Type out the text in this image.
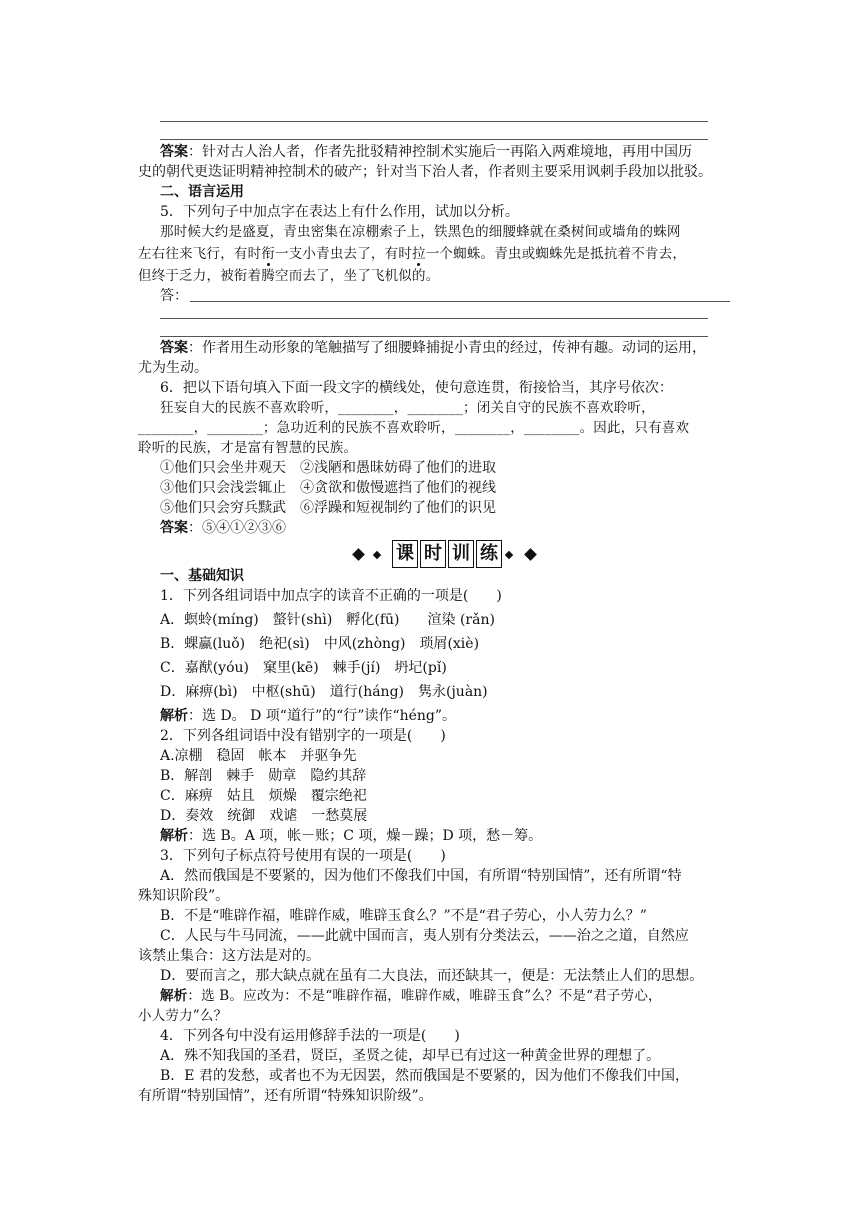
答案：针对古人治人者，作者先批驳精神控制术实施后一再陷入两难境地，再用中国历
史的朝代更迭证明精神控制术的破产；针对当下治人者，作者则主要采用讽刺手段加以批驳。
二、语言运用
5．下列句子中加点字在表达上有什么作用，试加以分析。
那时候大约是盛夏，青虫密集在凉棚索子上，铁黑色的细腰蜂就在桑树间或墙角的蛛网
左右往来飞行，有时衔一支小青虫去了，有时拉一个蜘蛛。青虫或蜘蛛先是抵抗着不肯去，
但终于乏力，被衔着腾空而去了，坐了飞机似的。
答：
答案：作者用生动形象的笔触描写了细腰蜂捕捉小青虫的经过，传神有趣。动词的运用，
尤为生动。
6．把以下语句填入下面一段文字的横线处，使句意连贯，衔接恰当，其序号依次：
狂妄自大的民族不喜欢聆听，________，________；闭关自守的民族不喜欢聆听，
________，________；急功近利的民族不喜欢聆听，________，________。因此，只有喜欢
聆听的民族，才是富有智慧的民族。
①他们只会坐井观天　②浅陋和愚昧妨碍了他们的进取
③他们只会浅尝辄止　④贪欲和傲慢遮挡了他们的视线
⑤他们只会穷兵黩武　⑥浮躁和短视制约了他们的识见
答案：⑤④①②③⑥
课 时 训 练
一、基础知识
1．下列各组词语中加点字的读音不正确的一项是(　　)
A．螟蛉(míng)　螫针(shì)　孵化(fū)　　渲染 (rǎn)
B．蜾蠃(luǒ)　绝祀(sì)　中风(zhòng)　琐屑(xiè)
C．嘉猷(yóu)　窠里(kē)　棘手(jí)　坍圮(pǐ)
D．麻痹(bì)　中枢(shū)　道行(háng)　隽永(juàn)
解析：选 D。 D 项“道行”的“行”读作“héng”。
2．下列各组词语中没有错别字的一项是(　　)
A.凉棚　稳固　帐本　并驱争先
B．解剖　棘手　勋章　隐约其辞
C．麻痹　姑且　烦燥　覆宗绝祀
D．奏效　统御　戏谑　一愁莫展
解析：选 B。A 项，帐－账；C 项，燥－躁；D 项，愁－筹。
3．下列句子标点符号使用有误的一项是(　　)
A．然而俄国是不要紧的，因为他们不像我们中国，有所谓“特别国情”，还有所谓“特
殊知识阶段”。
B．不是“唯辟作福，唯辟作威，唯辟玉食么？”不是“君子劳心，小人劳力么？”
C．人民与牛马同流，——此就中国而言，夷人别有分类法云，——治之之道，自然应
该禁止集合：这方法是对的。
D．要而言之，那大缺点就在虽有二大良法，而还缺其一，便是：无法禁止人们的思想。
解析：选 B。应改为：不是“唯辟作福，唯辟作威，唯辟玉食”么？不是“君子劳心，
小人劳力”么？
4．下列各句中没有运用修辞手法的一项是(　　)
A．殊不知我国的圣君，贤臣，圣贤之徒，却早已有过这一种黄金世界的理想了。
B．E 君的发愁，或者也不为无因罢，然而俄国是不要紧的，因为他们不像我们中国，
有所谓“特别国情”，还有所谓“特殊知识阶级”。
